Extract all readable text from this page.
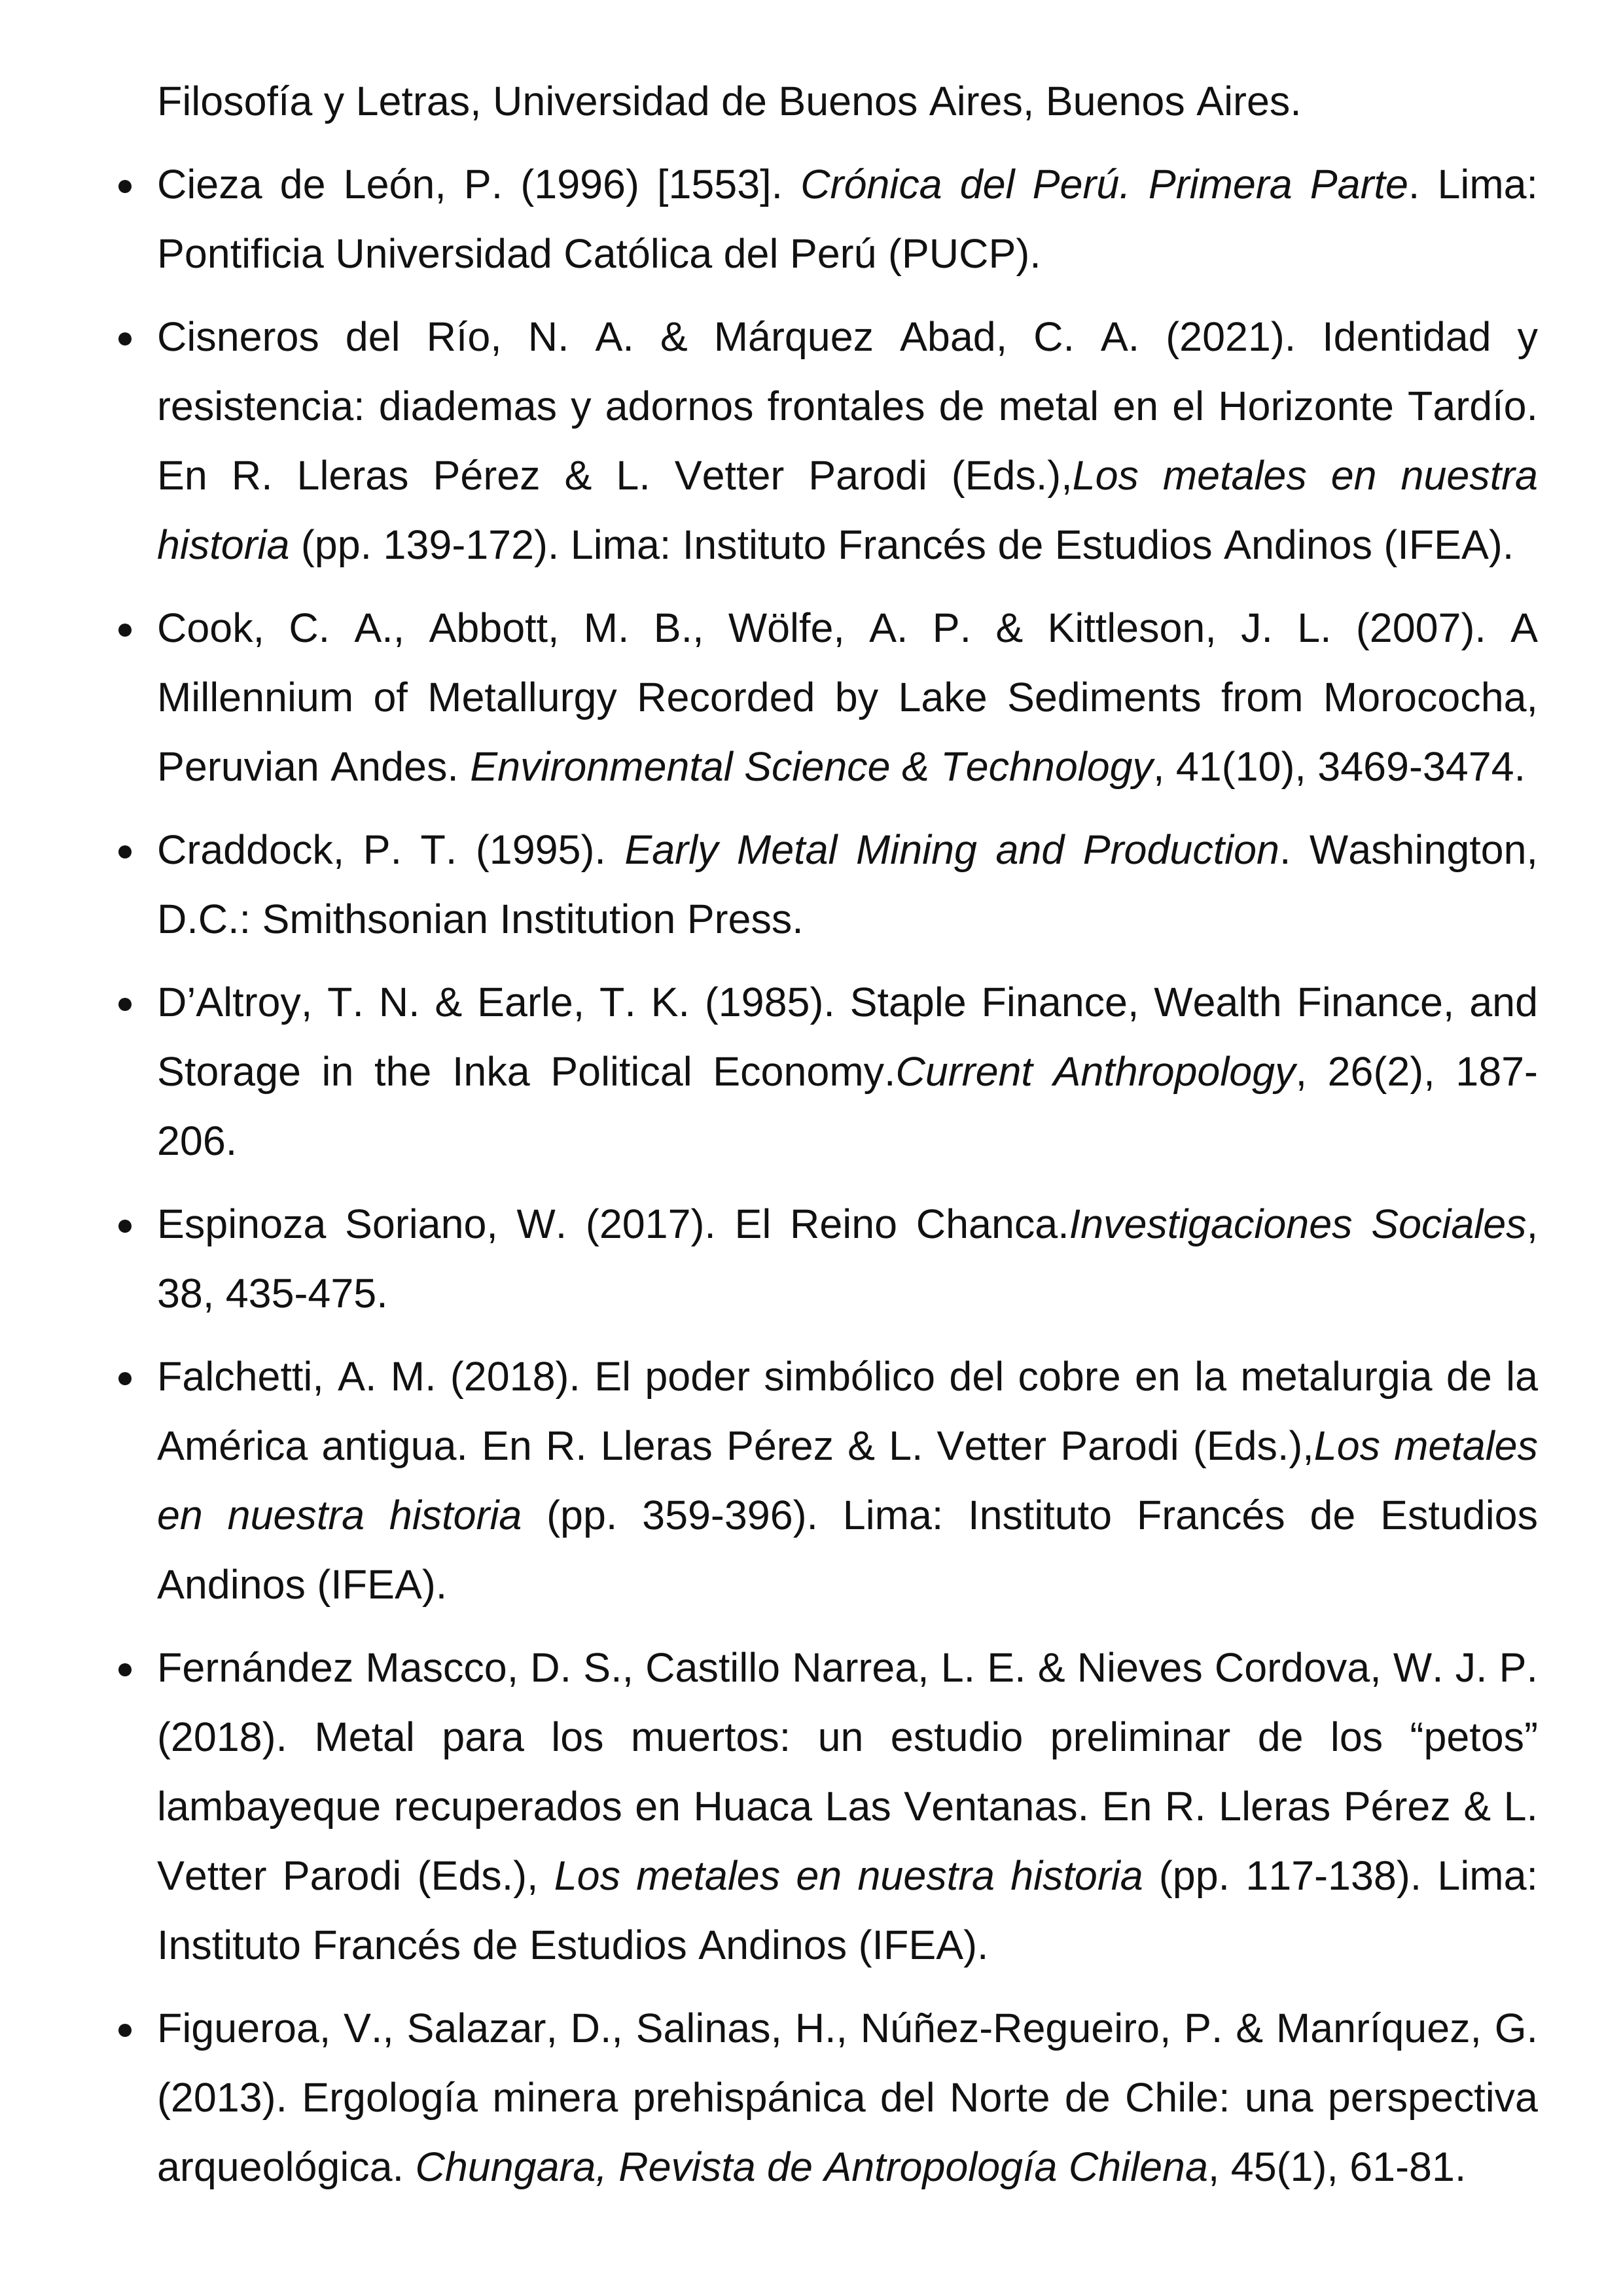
Filosofía y Letras, Universidad de Buenos Aires, Buenos Aires.

Cieza de León, P. (1996) [1553]. Crónica del Perú. Primera Parte. Lima: Pontificia Universidad Católica del Perú (PUCP).
Cisneros del Río, N. A. & Márquez Abad, C. A. (2021). Identidad y resistencia: diademas y adornos frontales de metal en el Horizonte Tardío. En R. Lleras Pérez & L. Vetter Parodi (Eds.),Los metales en nuestra historia (pp. 139-172). Lima: Instituto Francés de Estudios Andinos (IFEA).
Cook, C. A., Abbott, M. B., Wölfe, A. P. & Kittleson, J. L. (2007). A Millennium of Metallurgy Recorded by Lake Sediments from Morococha, Peruvian Andes. Environmental Science & Technology, 41(10), 3469-3474.
Craddock, P. T. (1995). Early Metal Mining and Production. Washington, D.C.: Smithsonian Institution Press.
D’Altroy, T. N. & Earle, T. K. (1985). Staple Finance, Wealth Finance, and Storage in the Inka Political Economy.Current Anthropology, 26(2), 187-206.
Espinoza Soriano, W. (2017). El Reino Chanca.Investigaciones Sociales, 38, 435-475.
Falchetti, A. M. (2018). El poder simbólico del cobre en la metalurgia de la América antigua. En R. Lleras Pérez & L. Vetter Parodi (Eds.),Los metales en nuestra historia (pp. 359-396). Lima: Instituto Francés de Estudios Andinos (IFEA).
Fernández Mascco, D. S., Castillo Narrea, L. E. & Nieves Cordova, W. J. P. (2018). Metal para los muertos: un estudio preliminar de los “petos” lambayeque recuperados en Huaca Las Ventanas. En R. Lleras Pérez & L. Vetter Parodi (Eds.), Los metales en nuestra historia (pp. 117-138). Lima: Instituto Francés de Estudios Andinos (IFEA).
Figueroa, V., Salazar, D., Salinas, H., Núñez-Regueiro, P. & Manríquez, G. (2013). Ergología minera prehispánica del Norte de Chile: una perspectiva arqueológica. Chungara, Revista de Antropología Chilena, 45(1), 61-81.
